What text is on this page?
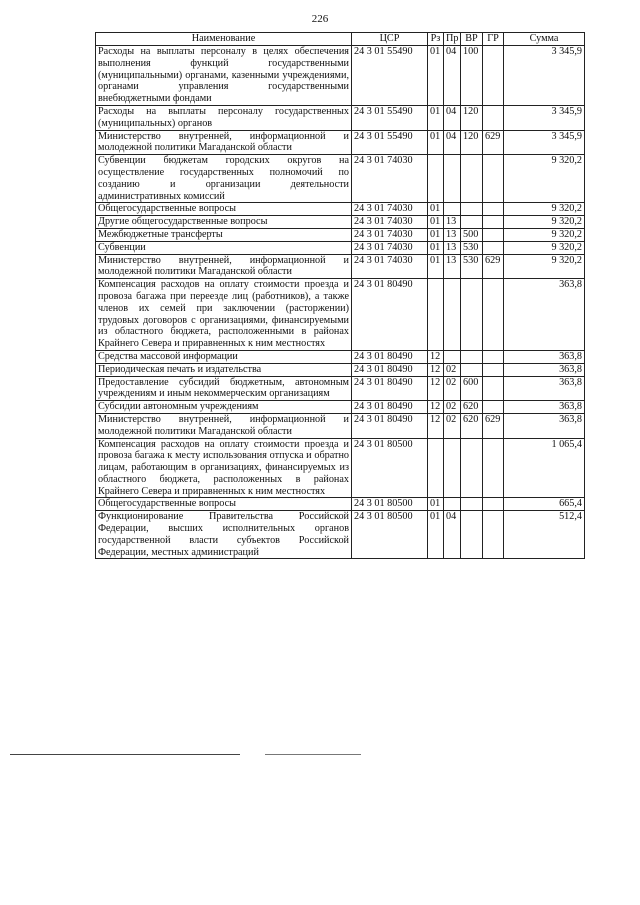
226
Наименование	ЦСР	Рз	Пр	ВР	ГР	Сумма
Расходы на выплаты персоналу в целях обеспечения выполнения функций государственными (муниципальными) органами, казенными учреждениями, органами управления государственными внебюджетными фондами	24 3 01 55490	01	04	100		3 345,9
Расходы на выплаты персоналу государственных (муниципальных) органов	24 3 01 55490	01	04	120		3 345,9
Министерство внутренней, информационной и молодежной политики Магаданской области	24 3 01 55490	01	04	120	629	3 345,9
Субвенции бюджетам городских округов на осуществление государственных полномочий по созданию и организации деятельности административных комиссий	24 3 01 74030					9 320,2
Общегосударственные вопросы	24 3 01 74030	01				9 320,2
Другие общегосударственные вопросы	24 3 01 74030	01	13			9 320,2
Межбюджетные трансферты	24 3 01 74030	01	13	500		9 320,2
Субвенции	24 3 01 74030	01	13	530		9 320,2
Министерство внутренней, информационной и молодежной политики Магаданской области	24 3 01 74030	01	13	530	629	9 320,2
Компенсация расходов на оплату стоимости проезда и провоза багажа при переезде лиц (работников), а также членов их семей при заключении (расторжении) трудовых договоров с организациями, финансируемыми из областного бюджета, расположенными в районах Крайнего Севера и приравненных к ним местностях	24 3 01 80490					363,8
Средства массовой информации	24 3 01 80490	12				363,8
Периодическая печать и издательства	24 3 01 80490	12	02			363,8
Предоставление субсидий бюджетным, автономным учреждениям и иным некоммерческим организациям	24 3 01 80490	12	02	600		363,8
Субсидии автономным учреждениям	24 3 01 80490	12	02	620		363,8
Министерство внутренней, информационной и молодежной политики Магаданской области	24 3 01 80490	12	02	620	629	363,8
Компенсация расходов на оплату стоимости проезда и провоза багажа к месту использования отпуска и обратно лицам, работающим в организациях, финансируемых из областного бюджета, расположенных в районах Крайнего Севера и приравненных к ним местностях	24 3 01 80500					1 065,4
Общегосударственные вопросы	24 3 01 80500	01				665,4
Функционирование Правительства Российской Федерации, высших исполнительных органов государственной власти субъектов Российской Федерации, местных администраций	24 3 01 80500	01	04			512,4
